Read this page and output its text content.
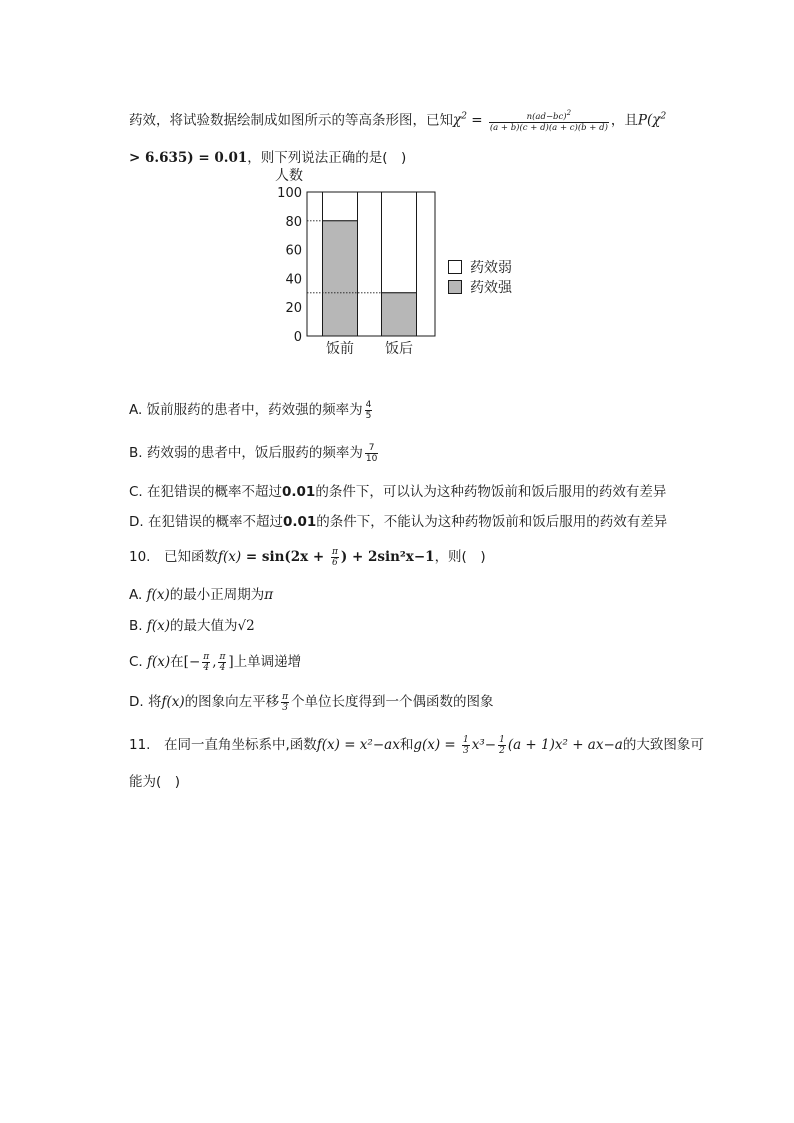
药效，将试验数据绘制成如图所示的等高条形图，已知$\chi^2 = \frac{n(ad-bc)^2}{(a + b)(c + d)(a + c)(b + d)}$ ，且$P(\chi^2$
> 6.635) = 0.01，则下列说法正确的是(　)
人数
100
80
60
40
20
0
饭前 饭后
药效弱
药效强
A. 饭前服药的患者中，药效强的频率为 $\frac{4}{5}$
B. 药效弱的患者中，饭后服药的频率为 $\frac{7}{10}$
C. 在犯错误的概率不超过0.01的条件下，可以认为这种药物饭前和饭后服用的药效有差异
D. 在犯错误的概率不超过0.01的条件下，不能认为这种药物饭前和饭后服用的药效有差异
10.　已知函数$f(x) = \sin(2x + \frac{\pi}{6}$ ) + 2sin²x−1，则(　)
A. f(x)的最小正周期为π
B. f(x)的最大值为√2
C. f(x)在[− $\frac{\pi}{4}$ , $\frac{\pi}{4}$ ]上单调递增
D. 将f(x)的图象向左平移 $\frac{\pi}{3}$ 个单位长度得到一个偶函数的图象
11.　在同一直角坐标系中,函数f(x) = x²−ax和$g(x) = \frac{1}{3} x^3- \frac{1}{2} (a + 1)x^2 + ax-a$的大致图象可
能为(　)
